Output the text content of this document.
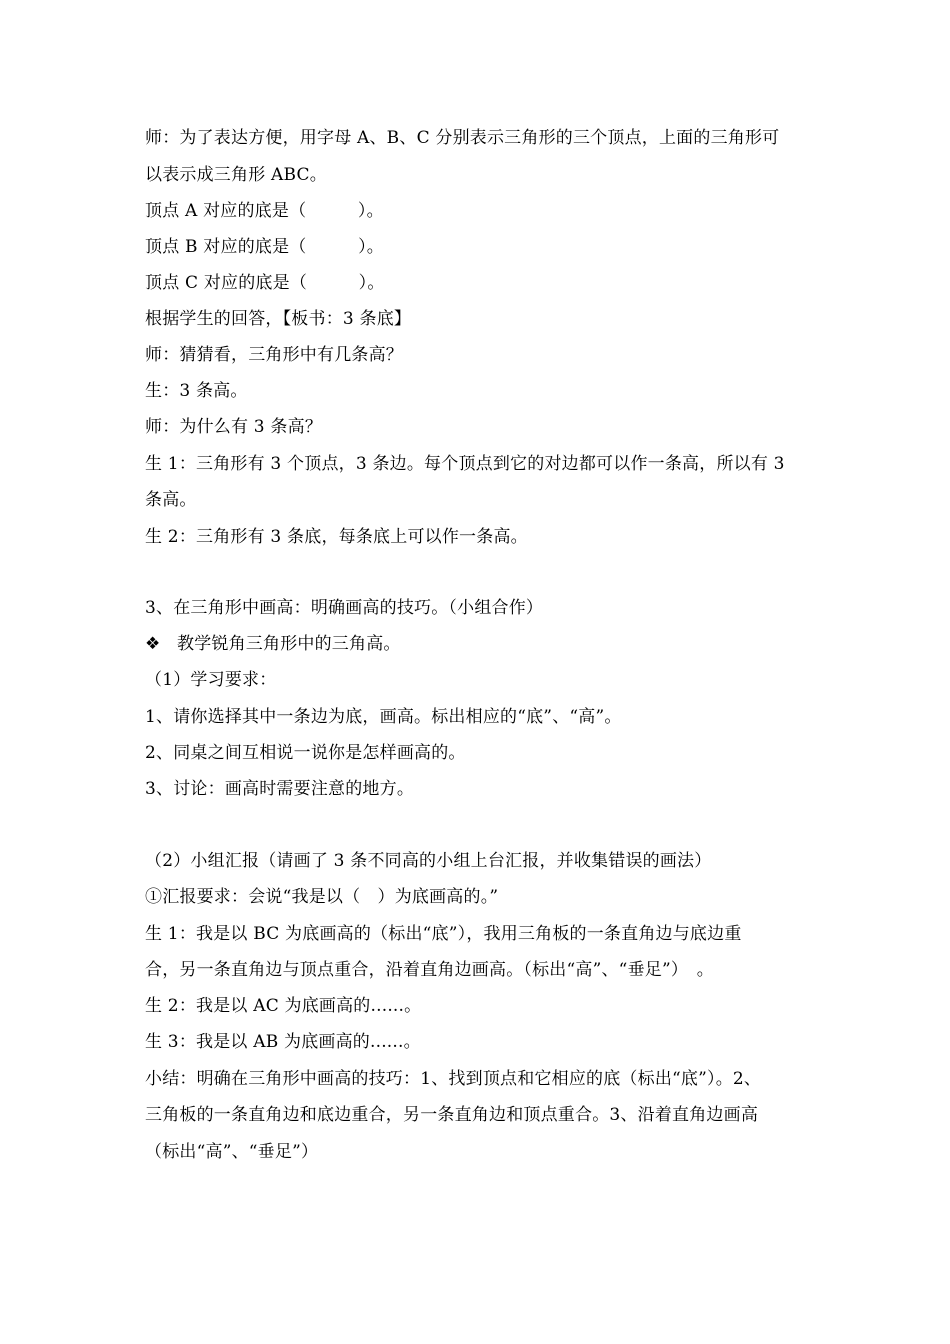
师：为了表达方便，用字母 A、B、C 分别表示三角形的三个顶点，上面的三角形可
以表示成三角形 ABC。
顶点 A 对应的底是（　　　）。
顶点 B 对应的底是（　　　）。
顶点 C 对应的底是（　　　）。
根据学生的回答，【板书：3 条底】
师：猜猜看，三角形中有几条高？
生：3 条高。
师：为什么有 3 条高？
生 1：三角形有 3 个顶点，3 条边。每个顶点到它的对边都可以作一条高，所以有 3
条高。
生 2：三角形有 3 条底，每条底上可以作一条高。
3、在三角形中画高：明确画高的技巧。（小组合作）
❖ 教学锐角三角形中的三角高。
（1）学习要求：
1、请你选择其中一条边为底，画高。标出相应的“底”、“高”。
2、同桌之间互相说一说你是怎样画高的。
3、讨论：画高时需要注意的地方。
（2）小组汇报（请画了 3 条不同高的小组上台汇报，并收集错误的画法）
①汇报要求：会说“我是以（　）为底画高的。”
生 1：我是以 BC 为底画高的（标出“底”），我用三角板的一条直角边与底边重
合，另一条直角边与顶点重合，沿着直角边画高。（标出“高”、“垂足”）　。
生 2：我是以 AC 为底画高的......。
生 3：我是以 AB 为底画高的......。
小结：明确在三角形中画高的技巧：1、找到顶点和它相应的底（标出“底”）。2、
三角板的一条直角边和底边重合，另一条直角边和顶点重合。3、沿着直角边画高
（标出“高”、“垂足”）
